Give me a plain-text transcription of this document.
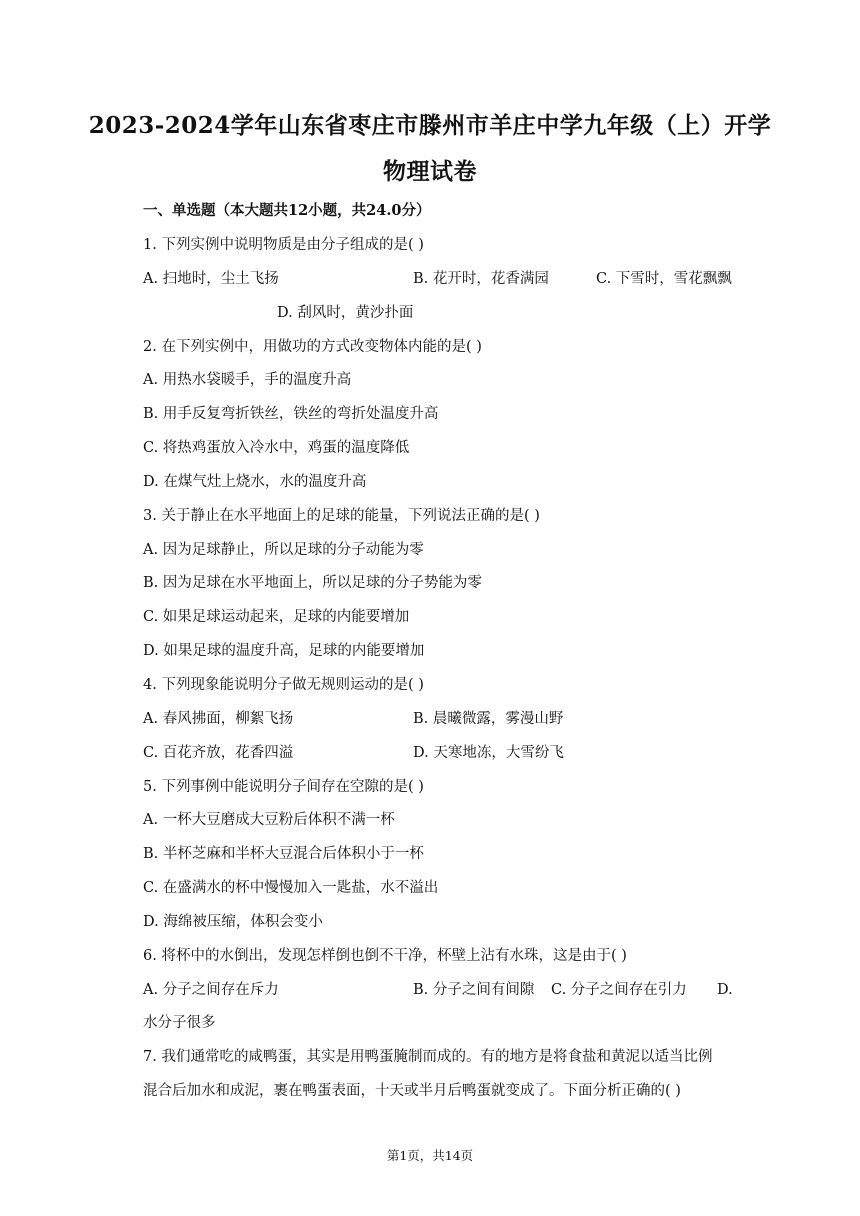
2023-2024学年山东省枣庄市滕州市羊庄中学九年级（上）开学
物理试卷
一、单选题（本大题共12小题，共24.0分）
1. 下列实例中说明物质是由分子组成的是( )
A. 扫地时，尘土飞扬	B. 花开时，花香满园	C. 下雪时，雪花飘飘
D. 刮风时，黄沙扑面
2. 在下列实例中，用做功的方式改变物体内能的是( )
A. 用热水袋暖手，手的温度升高
B. 用手反复弯折铁丝，铁丝的弯折处温度升高
C. 将热鸡蛋放入冷水中，鸡蛋的温度降低
D. 在煤气灶上烧水，水的温度升高
3. 关于静止在水平地面上的足球的能量，下列说法正确的是( )
A. 因为足球静止，所以足球的分子动能为零
B. 因为足球在水平地面上，所以足球的分子势能为零
C. 如果足球运动起来，足球的内能要增加
D. 如果足球的温度升高，足球的内能要增加
4. 下列现象能说明分子做无规则运动的是( )
A. 春风拂面，柳絮飞扬	B. 晨曦微露，雾漫山野
C. 百花齐放，花香四溢	D. 天寒地冻，大雪纷飞
5. 下列事例中能说明分子间存在空隙的是( )
A. 一杯大豆磨成大豆粉后体积不满一杯
B. 半杯芝麻和半杯大豆混合后体积小于一杯
C. 在盛满水的杯中慢慢加入一匙盐，水不溢出
D. 海绵被压缩，体积会变小
6. 将杯中的水倒出，发现怎样倒也倒不干净，杯壁上沾有水珠，这是由于( )
A. 分子之间存在斥力	B. 分子之间有间隙 C. 分子之间存在引力 D.
水分子很多
7. 我们通常吃的咸鸭蛋，其实是用鸭蛋腌制而成的。有的地方是将食盐和黄泥以适当比例
混合后加水和成泥，裹在鸭蛋表面，十天或半月后鸭蛋就变成了。下面分析正确的( )
第1页，共14页
